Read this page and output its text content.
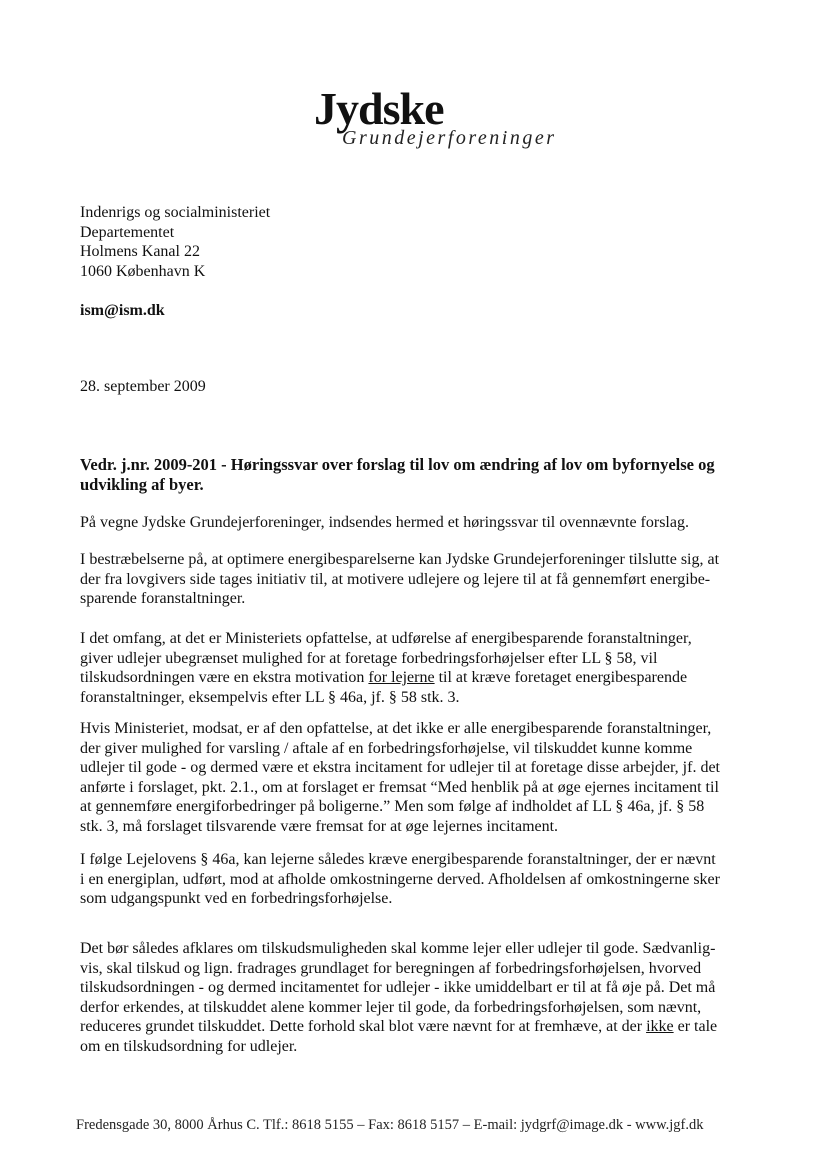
Jydske
Grundejerforeninger
Indenrigs og socialministeriet
Departementet
Holmens Kanal 22
1060 København K
ism@ism.dk
28. september 2009
Vedr. j.nr. 2009-201 - Høringssvar over forslag til lov om ændring af lov om byfornyelse og
udvikling af byer.
På vegne Jydske Grundejerforeninger, indsendes hermed et høringssvar til ovennævnte forslag.
I bestræbelserne på, at optimere energibesparelserne kan Jydske Grundejerforeninger tilslutte sig, at
der fra lovgivers side tages initiativ til, at motivere udlejere og lejere til at få gennemført energibe-
sparende foranstaltninger.
I det omfang, at det er Ministeriets opfattelse, at udførelse af energibesparende foranstaltninger,
giver udlejer ubegrænset mulighed for at foretage forbedringsforhøjelser efter LL § 58, vil
tilskudsordningen være en ekstra motivation for lejerne til at kræve foretaget energibesparende
foranstaltninger, eksempelvis efter LL § 46a, jf. § 58 stk. 3.
Hvis Ministeriet, modsat, er af den opfattelse, at det ikke er alle energibesparende foranstaltninger,
der giver mulighed for varsling / aftale af en forbedringsforhøjelse, vil tilskuddet kunne komme
udlejer til gode - og dermed være et ekstra incitament for udlejer til at foretage disse arbejder, jf. det
anførte i forslaget, pkt. 2.1., om at forslaget er fremsat “Med henblik på at øge ejernes incitament til
at gennemføre energiforbedringer på boligerne.” Men som følge af indholdet af LL § 46a, jf. § 58
stk. 3, må forslaget tilsvarende være fremsat for at øge lejernes incitament.
I følge Lejelovens § 46a, kan lejerne således kræve energibesparende foranstaltninger, der er nævnt
i en energiplan, udført, mod at afholde omkostningerne derved. Afholdelsen af omkostningerne sker
som udgangspunkt ved en forbedringsforhøjelse.
Det bør således afklares om tilskudsmuligheden skal komme lejer eller udlejer til gode. Sædvanlig-
vis, skal tilskud og lign. fradrages grundlaget for beregningen af forbedringsforhøjelsen, hvorved
tilskudsordningen - og dermed incitamentet for udlejer - ikke umiddelbart er til at få øje på. Det må
derfor erkendes, at tilskuddet alene kommer lejer til gode, da forbedringsforhøjelsen, som nævnt,
reduceres grundet tilskuddet. Dette forhold skal blot være nævnt for at fremhæve, at der ikke er tale
om en tilskudsordning for udlejer.
Fredensgade 30, 8000 Århus C. Tlf.: 8618 5155 – Fax: 8618 5157 – E-mail: jydgrf@image.dk - www.jgf.dk
